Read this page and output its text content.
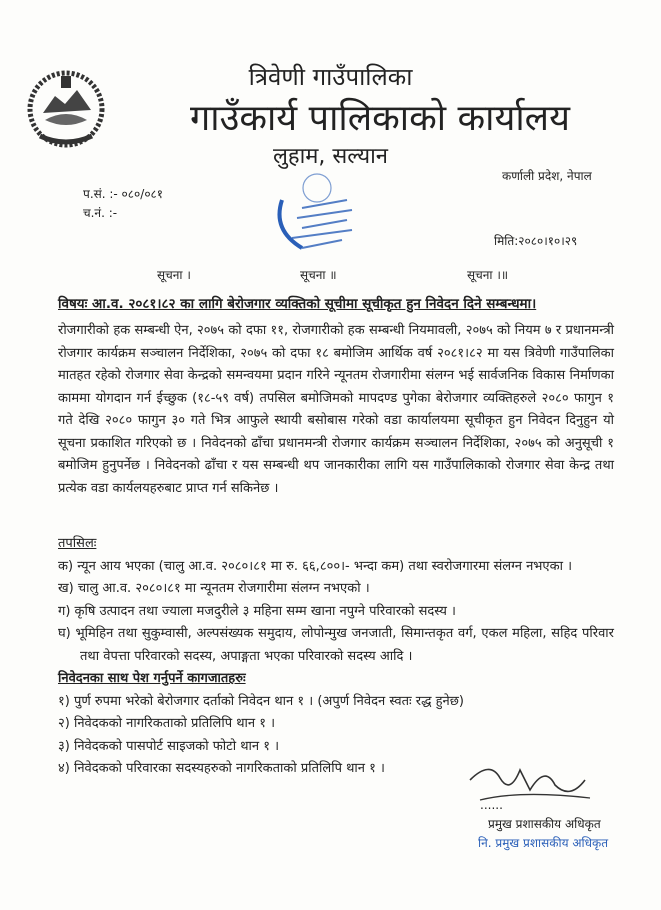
त्रिवेणी गाउँपालिका
गाउँकार्य पालिकाको कार्यालय
लुहाम, सल्यान
कर्णाली प्रदेश, नेपाल
प.सं. :- ०८०/०८१
च.नं. :-
मिति:२०८०।१०।२९
सूचना ।	सूचना ॥	सूचना ।॥
विषयः आ.व. २०८१।८२ का लागि बेरोजगार व्यक्तिको सूचीमा सूचीकृत हुन निवेदन दिने सम्बन्धमा।
रोजगारीको हक सम्बन्धी ऐन, २०७५ को दफा ११, रोजगारीको हक सम्बन्धी नियमावली, २०७५ को नियम ७ र प्रधानमन्त्री रोजगार कार्यक्रम सञ्चालन निर्देशिका, २०७५ को दफा १८ बमोजिम आर्थिक वर्ष २०८१।८२ मा यस त्रिवेणी गाउँपालिका मातहत रहेको रोजगार सेवा केन्द्रको समन्वयमा प्रदान गरिने न्यूनतम रोजगारीमा संलग्न भई सार्वजनिक विकास निर्माणका काममा योगदान गर्न ईच्छुक (१८-५९ वर्ष) तपसिल बमोजिमको मापदण्ड पुगेका बेरोजगार व्यक्तिहरुले २०८० फागुन १ गते देखि २०८० फागुन ३० गते भित्र आफुले स्थायी बसोबास गरेको वडा कार्यालयमा सूचीकृत हुन निवेदन दिनुहुन यो सूचना प्रकाशित गरिएको छ । निवेदनको ढाँचा प्रधानमन्त्री रोजगार कार्यक्रम सञ्चालन निर्देशिका, २०७५ को अनुसूची १ बमोजिम हुनुपर्नेछ । निवेदनको ढाँचा र यस सम्बन्धी थप जानकारीका लागि यस गाउँपालिकाको रोजगार सेवा केन्द्र तथा प्रत्येक वडा कार्यलयहरुबाट प्राप्त गर्न सकिनेछ ।
तपसिलः
क) न्यून आय भएका (चालु आ.व. २०८०।८१ मा रु. ६६,८००।- भन्दा कम) तथा स्वरोजगारमा संलग्न नभएका ।
ख) चालु आ.व. २०८०।८१ मा न्यूनतम रोजगारीमा संलग्न नभएको ।
ग) कृषि उत्पादन तथा ज्याला मजदुरीले ३ महिना सम्म खाना नपुग्ने परिवारको सदस्य ।
घ) भूमिहिन तथा सुकुम्वासी, अल्पसंख्यक समुदाय, लोपोन्मुख जनजाती, सिमान्तकृत वर्ग, एकल महिला, सहिद परिवार तथा वेपत्ता परिवारको सदस्य, अपाङ्गता भएका परिवारको सदस्य आदि ।
निवेदनका साथ पेश गर्नुपर्ने कागजातहरुः
१) पुर्ण रुपमा भरेको बेरोजगार दर्ताको निवेदन थान १ । (अपुर्ण निवेदन स्वतः रद्ध हुनेछ)
२) निवेदकको नागरिकताको प्रतिलिपि थान १ ।
३) निवेदकको पासपोर्ट साइजको फोटो थान १ ।
४) निवेदकको परिवारका सदस्यहरुको नागरिकताको प्रतिलिपि थान १ ।
......
प्रमुख प्रशासकीय अधिकृत
नि. प्रमुख प्रशासकीय अधिकृत
